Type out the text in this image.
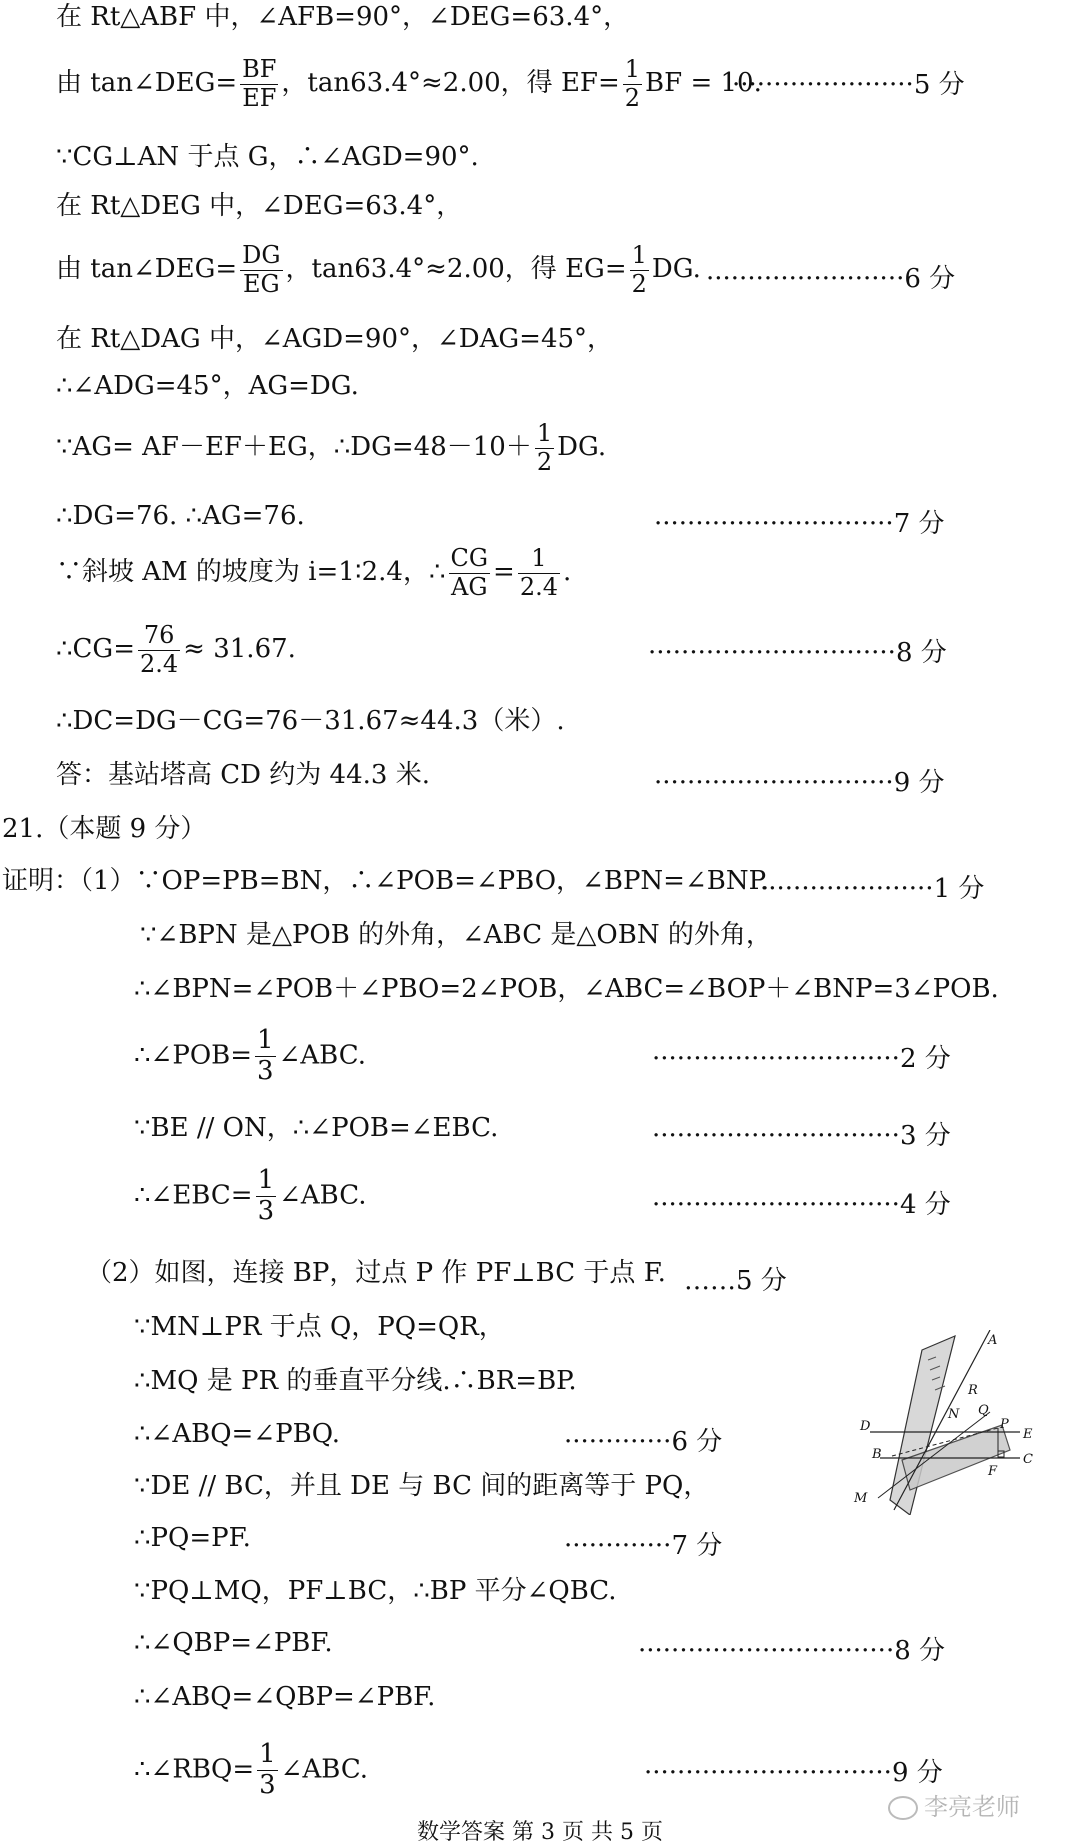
在 Rt△ABF 中，∠AFB=90°，∠DEG=63.4°，
由 tan∠DEG= $\frac{BF}{EF}$ ，tan63.4°≈2.00，得 $EF= \frac{1}{2}$ BF = 10.
······················5 分
∵CG⊥AN 于点 G，∴∠AGD=90°.
在 Rt△DEG 中，∠DEG=63.4°，
由 tan∠DEG= $\frac{DG}{EG}$ ，tan63.4°≈2.00，得 $EG= \frac{1}{2}$ DG. ························6 分
在 Rt△DAG 中，∠AGD=90°，∠DAG=45°，
∴∠ADG=45°，AG=DG.
∵AG= AF－EF＋EG，∴DG=48－10＋ $\frac{1}{2}$ DG.
∴DG=76. ∴AG=76.	·····························7 分
∵斜坡 AM 的坡度为 i=1∶2.4，∴ $\frac{CG}{AG} = \frac{1}{2.4}$ .
∴CG= $\frac{76}{2.4} \approx 31.67$.	······························8 分
∴DC=DG－CG=76－31.67≈44.3（米）.
答：基站塔高 CD 约为 44.3 米.	·····························9 分
21.（本题 9 分）
证明：（1）∵OP=PB=BN，∴∠POB=∠PBO，∠BPN=∠BNP.
·····················1 分
∵∠BPN 是△POB 的外角，∠ABC 是△OBN 的外角，
∴∠BPN=∠POB＋∠PBO=2∠POB，∠ABC=∠BOP＋∠BNP=3∠POB.
∴∠POB= $\frac{1}{3}$ ∠ABC.	······························2 分
∵BE // ON，∴∠POB=∠EBC.	······························3 分
∴∠EBC= $\frac{1}{3}$ ∠ABC.	······························4 分
（2）如图，连接 BP，过点 P 作 PF⊥BC 于点 F. ……5 分
∵MN⊥PR 于点 Q，PQ=QR，
∴MQ 是 PR 的垂直平分线.∴BR=BP.
∴∠ABQ=∠PBQ.	·············6 分
∵DE // BC，并且 DE 与 BC 间的距离等于 PQ，
∴PQ=PF.	·············7 分
∵PQ⊥MQ，PF⊥BC，∴BP 平分∠QBC.
∴∠QBP=∠PBF.	·······························8 分
∴∠ABQ=∠QBP=∠PBF.
∴∠RBQ= $\frac{1}{3}$ ∠ABC.	······························9 分
A
R
Q
N
P
D
E
B	C
M
F
数学答案 第 3 页 共 5 页
李亮老师
